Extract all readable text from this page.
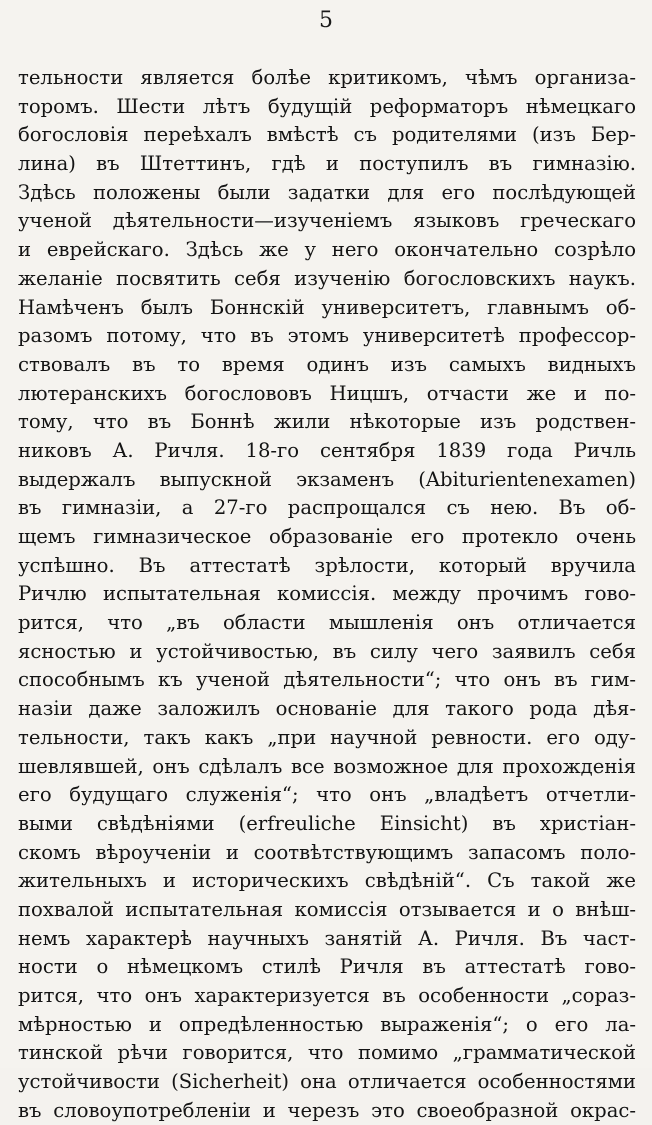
5
тельности является болѣе критикомъ, чѣмъ организа-
торомъ. Шести лѣтъ будущій реформаторъ нѣмецкаго
богословія переѣхалъ вмѣстѣ съ родителями (изъ Бер-
лина) въ Штеттинъ, гдѣ и поступилъ въ гимназію.
Здѣсь положены были задатки для его послѣдующей
ученой дѣятельности—изученіемъ языковъ греческаго
и еврейскаго. Здѣсь же у него окончательно созрѣло
желаніе посвятить себя изученію богословскихъ наукъ.
Намѣченъ былъ Боннскій университетъ, главнымъ об-
разомъ потому, что въ этомъ университетѣ профессор-
ствовалъ въ то время одинъ изъ самыхъ видныхъ
лютеранскихъ богослововъ Ницшъ, отчасти же и по-
тому, что въ Боннѣ жили нѣкоторые изъ родствен-
никовъ А. Ричля. 18-го сентября 1839 года Ричль
выдержалъ выпускной экзаменъ (Abiturientenexamen)
въ гимназіи, а 27-го распрощался съ нею. Въ об-
щемъ гимназическое образованіе его протекло очень
успѣшно. Въ аттестатѣ зрѣлости, который вручила
Ричлю испытательная комиссія. между прочимъ гово-
рится, что „въ области мышленія онъ отличается
ясностью и устойчивостью, въ силу чего заявилъ себя
способнымъ къ ученой дѣятельности“; что онъ въ гим-
назіи даже заложилъ основаніе для такого рода дѣя-
тельности, такъ какъ „при научной ревности. его оду-
шевлявшей, онъ сдѣлалъ все возможное для прохожденія
его будущаго служенія“; что онъ „владѣетъ отчетли-
выми свѣдѣніями (erfreuliche Einsicht) въ христіан-
скомъ вѣроученіи и соотвѣтствующимъ запасомъ поло-
жительныхъ и историческихъ свѣдѣній“. Съ такой же
похвалой испытательная комиссія отзывается и о внѣш-
немъ характерѣ научныхъ занятій А. Ричля. Въ част-
ности о нѣмецкомъ стилѣ Ричля въ аттестатѣ гово-
рится, что онъ характеризуется въ особенности „сораз-
мѣрностью и опредѣленностью выраженія“; о его ла-
тинской рѣчи говорится, что помимо „грамматической
устойчивости (Sicherheit) она отличается особенностями
въ словоупотребленіи и черезъ это своеобразной окрас-
